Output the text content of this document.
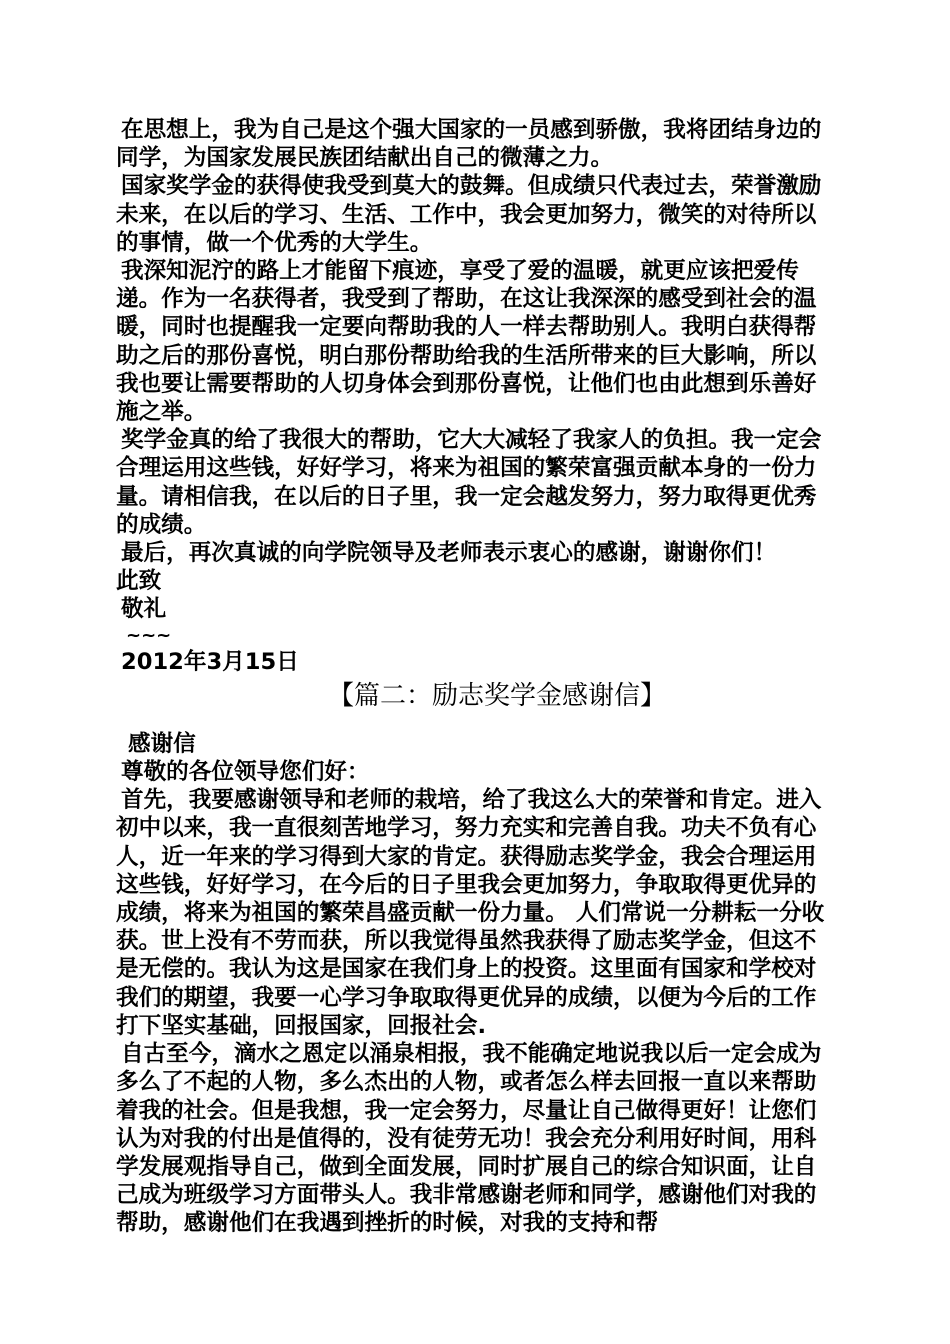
在思想上，我为自己是这个强大国家的一员感到骄傲，我将团结身边的同学，为国家发展民族团结献出自己的微薄之力。

国家奖学金的获得使我受到莫大的鼓舞。但成绩只代表过去，荣誉激励未来，在以后的学习、生活、工作中，我会更加努力，微笑的对待所以的事情，做一个优秀的大学生。

我深知泥泞的路上才能留下痕迹，享受了爱的温暖，就更应该把爱传递。作为一名获得者，我受到了帮助，在这让我深深的感受到社会的温暖，同时也提醒我一定要向帮助我的人一样去帮助别人。我明白获得帮助之后的那份喜悦，明白那份帮助给我的生活所带来的巨大影响，所以我也要让需要帮助的人切身体会到那份喜悦，让他们也由此想到乐善好施之举。

奖学金真的给了我很大的帮助，它大大减轻了我家人的负担。我一定会合理运用这些钱，好好学习，将来为祖国的繁荣富强贡献本身的一份力量。请相信我，在以后的日子里，我一定会越发努力，努力取得更优秀的成绩。

最后，再次真诚的向学院领导及老师表示衷心的感谢，谢谢你们！

此致

敬礼

~~~
2012年3月15日
【篇二：励志奖学金感谢信】

感谢信

尊敬的各位领导您们好：

首先，我要感谢领导和老师的栽培，给了我这么大的荣誉和肯定。进入初中以来，我一直很刻苦地学习，努力充实和完善自我。功夫不负有心人，近一年来的学习得到大家的肯定。获得励志奖学金，我会合理运用这些钱，好好学习，在今后的日子里我会更加努力，争取取得更优异的成绩，将来为祖国的繁荣昌盛贡献一份力量。 人们常说一分耕耘一分收获。世上没有不劳而获，所以我觉得虽然我获得了励志奖学金，但这不是无偿的。我认为这是国家在我们身上的投资。这里面有国家和学校对我们的期望，我要一心学习争取取得更优异的成绩，以便为今后的工作打下坚实基础，回报国家，回报社会.

自古至今，滴水之恩定以涌泉相报，我不能确定地说我以后一定会成为多么了不起的人物，多么杰出的人物，或者怎么样去回报一直以来帮助着我的社会。但是我想，我一定会努力，尽量让自己做得更好！让您们认为对我的付出是值得的，没有徒劳无功！我会充分利用好时间，用科学发展观指导自己，做到全面发展，同时扩展自己的综合知识面，让自己成为班级学习方面带头人。我非常感谢老师和同学，感谢他们对我的帮助，感谢他们在我遇到挫折的时候，对我的支持和帮
